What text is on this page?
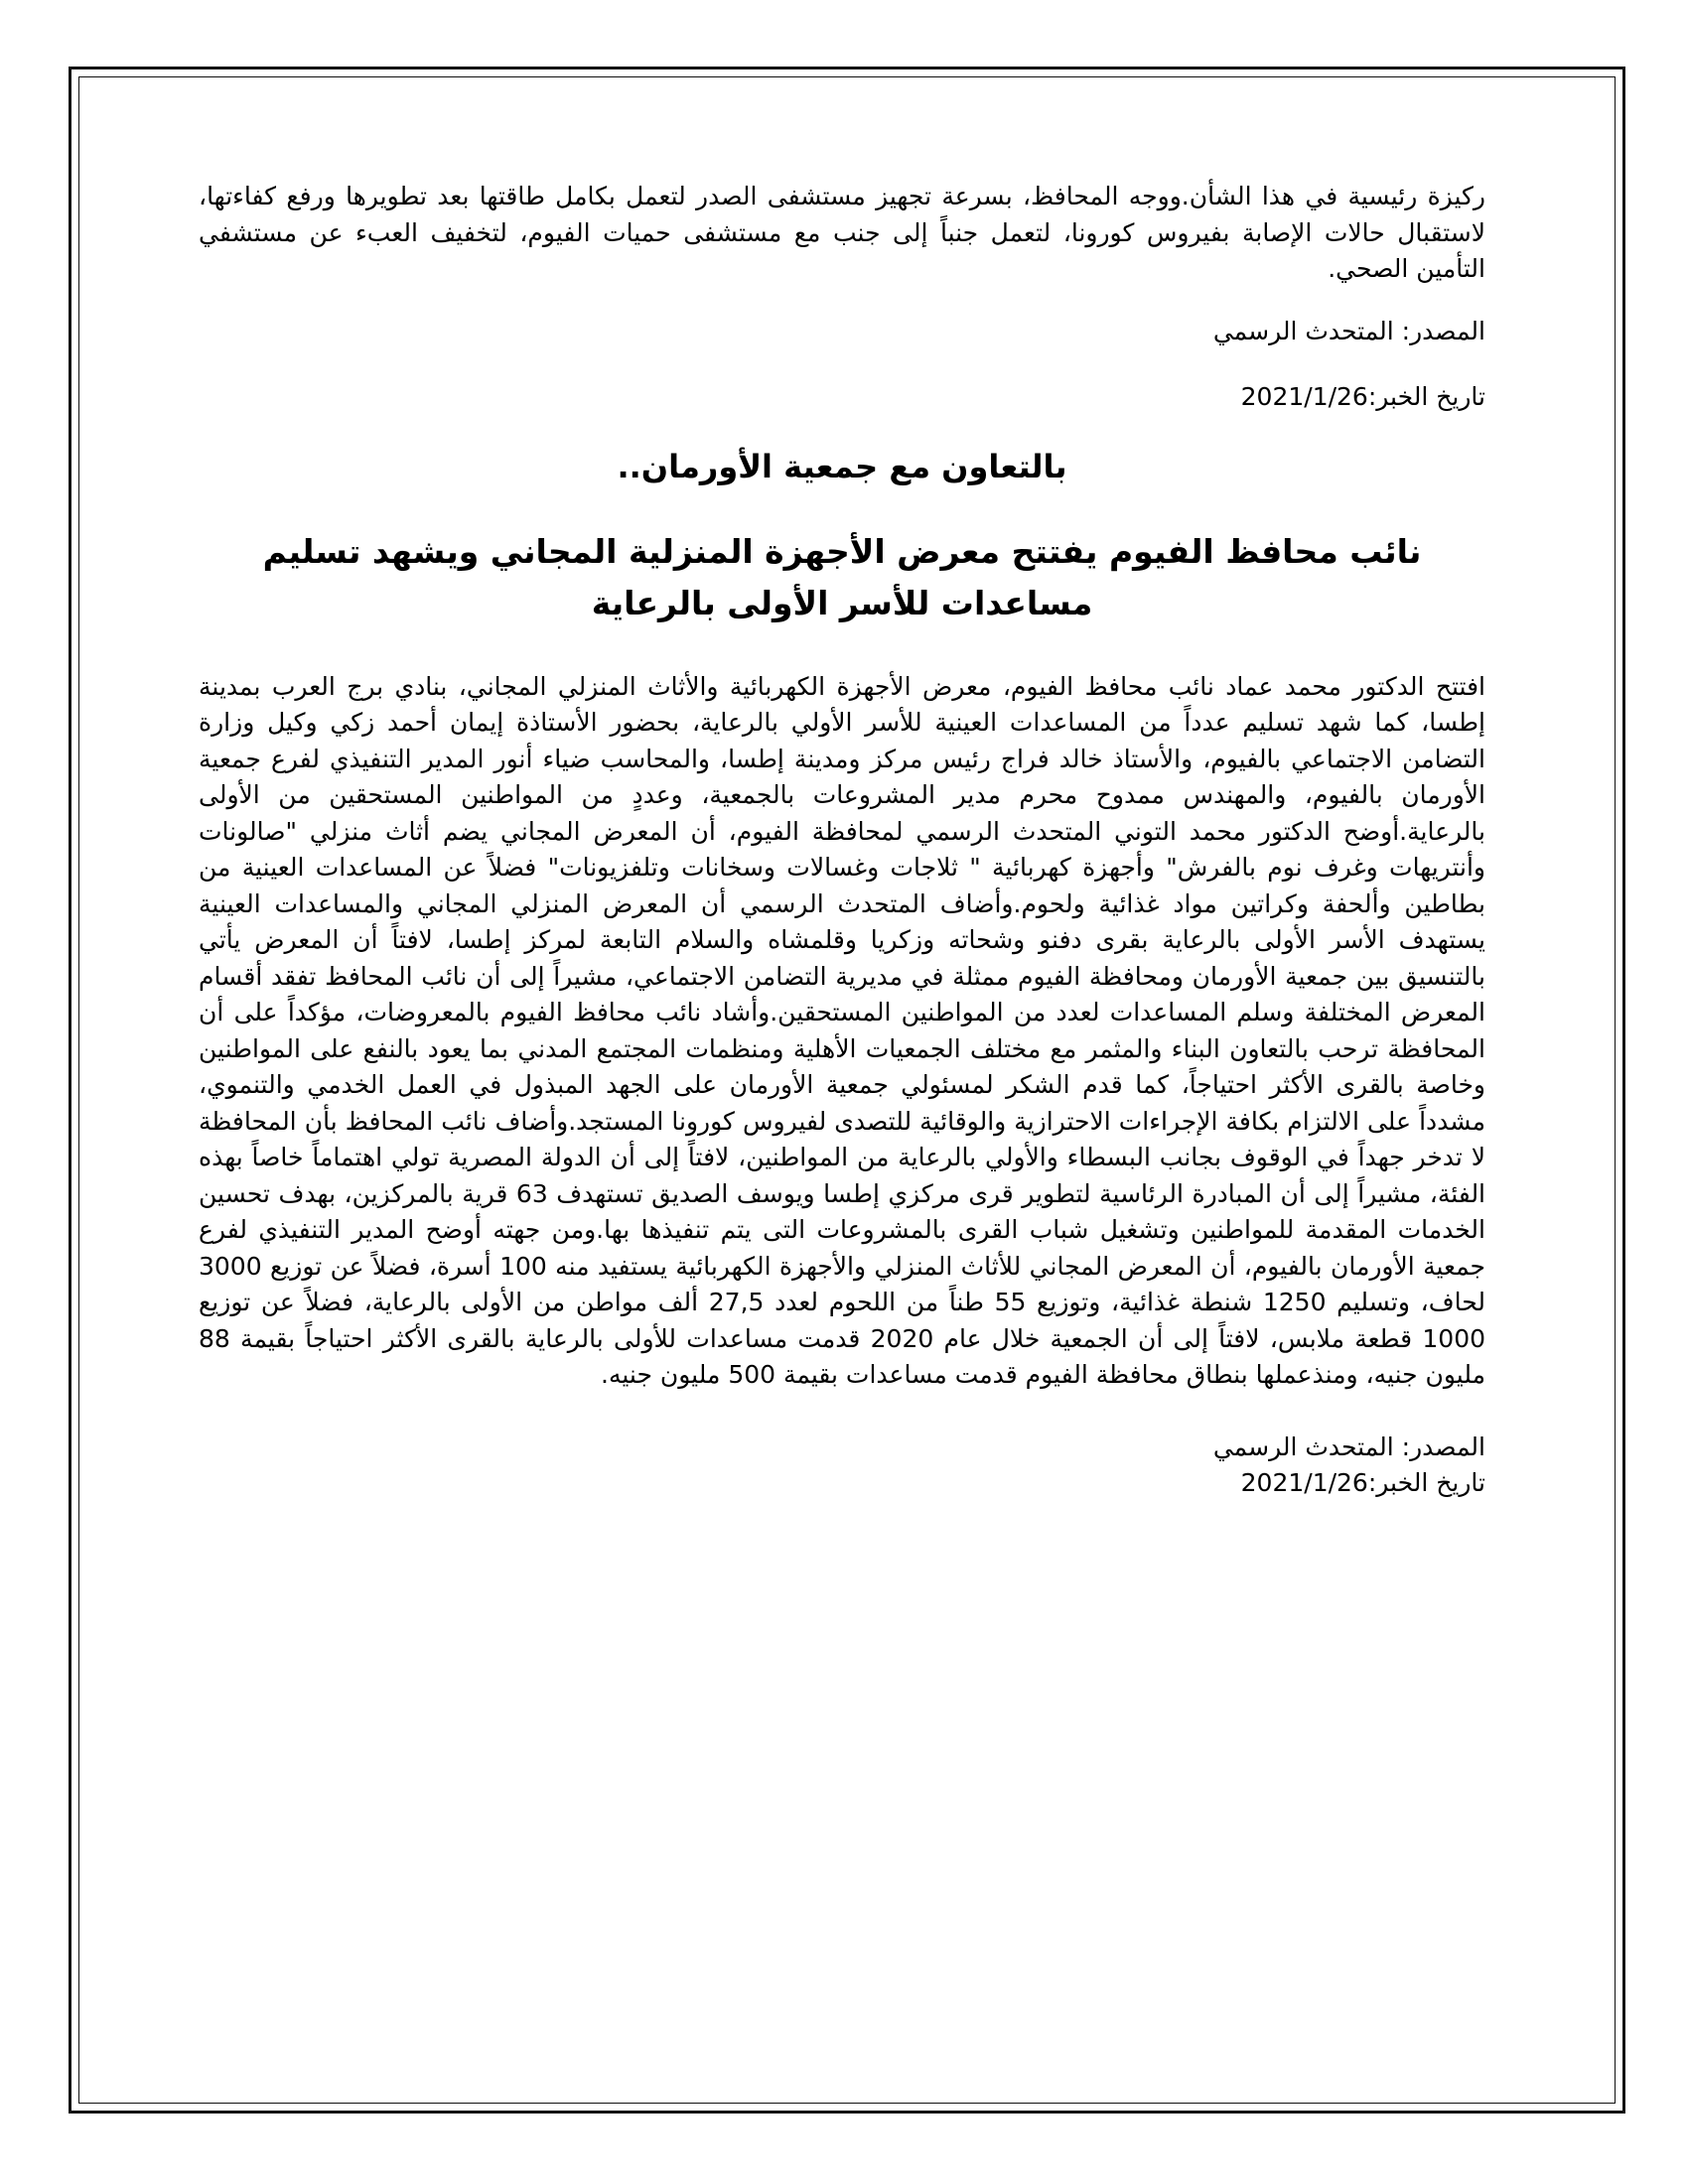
ركيزة رئيسية في هذا الشأن.ووجه المحافظ، بسرعة تجهيز مستشفى الصدر لتعمل بكامل طاقتها بعد تطويرها ورفع كفاءتها، لاستقبال حالات الإصابة بفيروس كورونا، لتعمل جنباً إلى جنب مع مستشفى حميات الفيوم، لتخفيف العبء عن مستشفي التأمين الصحي.

المصدر: المتحدث الرسمي

تاريخ الخبر:2021/1/26

بالتعاون مع جمعية الأورمان..

نائب محافظ الفيوم يفتتح معرض الأجهزة المنزلية المجاني ويشهد تسليم

مساعدات للأسر الأولى بالرعاية

افتتح الدكتور محمد عماد نائب محافظ الفيوم، معرض الأجهزة الكهربائية والأثاث المنزلي المجاني، بنادي برج العرب بمدينة إطسا، كما شهد تسليم عدداً من المساعدات العينية للأسر الأولي بالرعاية، بحضور الأستاذة إيمان أحمد زكي وكيل وزارة التضامن الاجتماعي بالفيوم، والأستاذ خالد فراج رئيس مركز ومدينة إطسا، والمحاسب ضياء أنور المدير التنفيذي لفرع جمعية الأورمان بالفيوم، والمهندس ممدوح محرم مدير المشروعات بالجمعية، وعددٍ من المواطنين المستحقين من الأولى بالرعاية.أوضح الدكتور محمد التوني المتحدث الرسمي لمحافظة الفيوم، أن المعرض المجاني يضم أثاث منزلي "صالونات وأنتريهات وغرف نوم بالفرش" وأجهزة كهربائية " ثلاجات وغسالات وسخانات وتلفزيونات" فضلاً عن المساعدات العينية من بطاطين وألحفة وكراتين مواد غذائية ولحوم.وأضاف المتحدث الرسمي أن المعرض المنزلي المجاني والمساعدات العينية يستهدف الأسر الأولى بالرعاية بقرى دفنو وشحاته وزكريا وقلمشاه والسلام التابعة لمركز إطسا، لافتاً أن المعرض يأتي بالتنسيق بين جمعية الأورمان ومحافظة الفيوم ممثلة في مديرية التضامن الاجتماعي، مشيراً إلى أن نائب المحافظ تفقد أقسام المعرض المختلفة وسلم المساعدات لعدد من المواطنين المستحقين.وأشاد نائب محافظ الفيوم بالمعروضات، مؤكداً على أن المحافظة ترحب بالتعاون البناء والمثمر مع مختلف الجمعيات الأهلية ومنظمات المجتمع المدني بما يعود بالنفع على المواطنين وخاصة بالقرى الأكثر احتياجاً، كما قدم الشكر لمسئولي جمعية الأورمان على الجهد المبذول في العمل الخدمي والتنموي، مشدداً على الالتزام بكافة الإجراءات الاحترازية والوقائية للتصدى لفيروس كورونا المستجد.وأضاف نائب المحافظ بأن المحافظة لا تدخر جهداً في الوقوف بجانب البسطاء والأولي بالرعاية من المواطنين، لافتاً إلى أن الدولة المصرية تولي اهتماماً خاصاً بهذه الفئة، مشيراً إلى أن المبادرة الرئاسية لتطوير قرى مركزي إطسا ويوسف الصديق تستهدف 63 قرية بالمركزين، بهدف تحسين الخدمات المقدمة للمواطنين وتشغيل شباب القرى بالمشروعات التى يتم تنفيذها بها.ومن جهته أوضح المدير التنفيذي لفرع جمعية الأورمان بالفيوم، أن المعرض المجاني للأثاث المنزلي والأجهزة الكهربائية يستفيد منه 100 أسرة، فضلاً عن توزيع 3000 لحاف، وتسليم 1250 شنطة غذائية، وتوزيع 55 طناً من اللحوم لعدد 27,5 ألف مواطن من الأولى بالرعاية، فضلاً عن توزيع 1000 قطعة ملابس، لافتاً إلى أن الجمعية خلال عام 2020 قدمت مساعدات للأولى بالرعاية بالقرى الأكثر احتياجاً بقيمة 88 مليون جنيه، ومنذعملها بنطاق محافظة الفيوم قدمت مساعدات بقيمة 500 مليون جنيه.

المصدر: المتحدث الرسمي

تاريخ الخبر:2021/1/26
